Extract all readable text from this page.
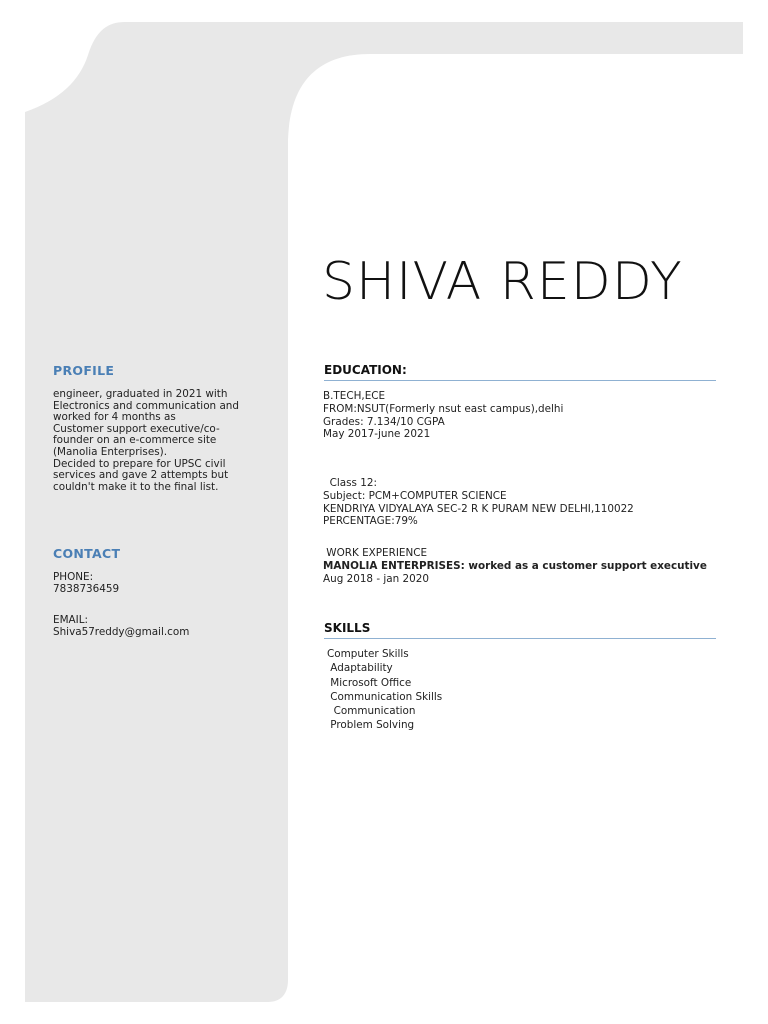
SHIVA REDDY
PROFILE
engineer, graduated in 2021 with
Electronics and communication and
worked for 4 months as
Customer support executive/co-
founder on an e-commerce site
(Manolia Enterprises).
Decided to prepare for UPSC civil
services and gave 2 attempts but
couldn't make it to the final list.
CONTACT
PHONE:
7838736459
EMAIL:
Shiva57reddy@gmail.com
EDUCATION:
B.TECH,ECE
FROM:NSUT(Formerly nsut east campus),delhi
Grades: 7.134/10 CGPA
May 2017-june 2021
Class 12:
Subject: PCM+COMPUTER SCIENCE
KENDRIYA VIDYALAYA SEC-2 R K PURAM NEW DELHI,110022
PERCENTAGE:79%
WORK EXPERIENCE
MANOLIA ENTERPRISES: worked as a customer support executive
Aug 2018 - jan 2020
SKILLS
Computer Skills
Adaptability
Microsoft Office
Communication Skills
Communication
Problem Solving
